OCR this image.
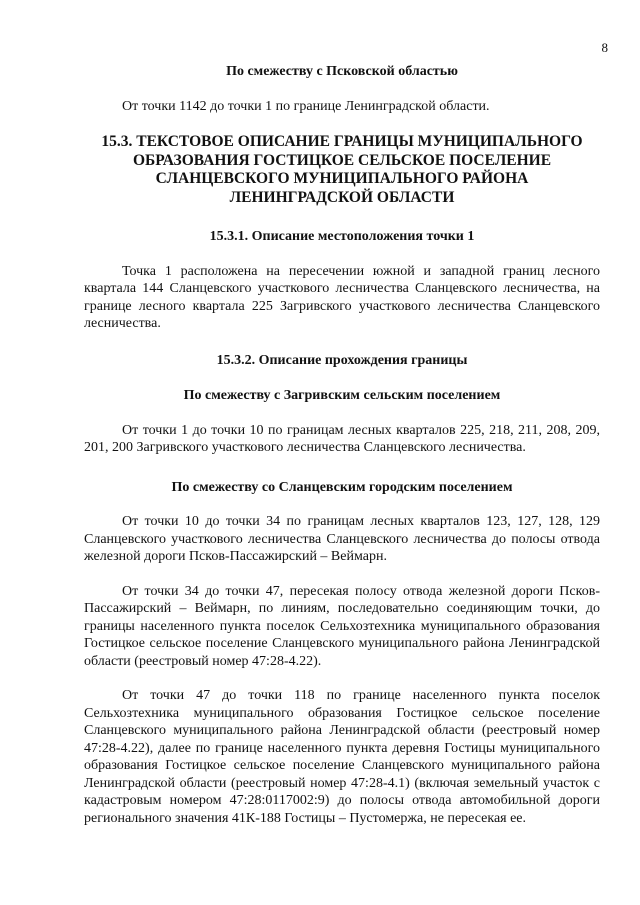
8
По смежеству с Псковской областью

От точки 1142 до точки 1 по границе Ленинградской области.

15.3. ТЕКСТОВОЕ ОПИСАНИЕ ГРАНИЦЫ МУНИЦИПАЛЬНОГО ОБРАЗОВАНИЯ ГОСТИЦКОЕ СЕЛЬСКОЕ ПОСЕЛЕНИЕ СЛАНЦЕВСКОГО МУНИЦИПАЛЬНОГО РАЙОНА ЛЕНИНГРАДСКОЙ ОБЛАСТИ
15.3.1. Описание местоположения точки 1

Точка 1 расположена на пересечении южной и западной границ лесного квартала 144 Сланцевского участкового лесничества Сланцевского лесничества, на границе лесного квартала 225 Загривского участкового лесничества Сланцевского лесничества.

15.3.2. Описание прохождения границы
По смежеству с Загривским сельским поселением

От точки 1 до точки 10 по границам лесных кварталов 225, 218, 211, 208, 209, 201, 200 Загривского участкового лесничества Сланцевского лесничества.

По смежеству со Сланцевским городским поселением

От точки 10 до точки 34 по границам лесных кварталов 123, 127, 128, 129 Сланцевского участкового лесничества Сланцевского лесничества до полосы отвода железной дороги Псков-Пассажирский – Веймарн.

От точки 34 до точки 47, пересекая полосу отвода железной дороги Псков-Пассажирский – Веймарн, по линиям, последовательно соединяющим точки, до границы населенного пункта поселок Сельхозтехника муниципального образования Гостицкое сельское поселение Сланцевского муниципального района Ленинградской области (реестровый номер 47:28-4.22).

От точки 47 до точки 118 по границе населенного пункта поселок Сельхозтехника муниципального образования Гостицкое сельское поселение Сланцевского муниципального района Ленинградской области (реестровый номер 47:28-4.22), далее по границе населенного пункта деревня Гостицы муниципального образования Гостицкое сельское поселение Сланцевского муниципального района Ленинградской области (реестровый номер 47:28-4.1) (включая земельный участок с кадастровым номером 47:28:0117002:9) до полосы отвода автомобильной дороги регионального значения 41К-188 Гостицы – Пустомержа, не пересекая ее.
